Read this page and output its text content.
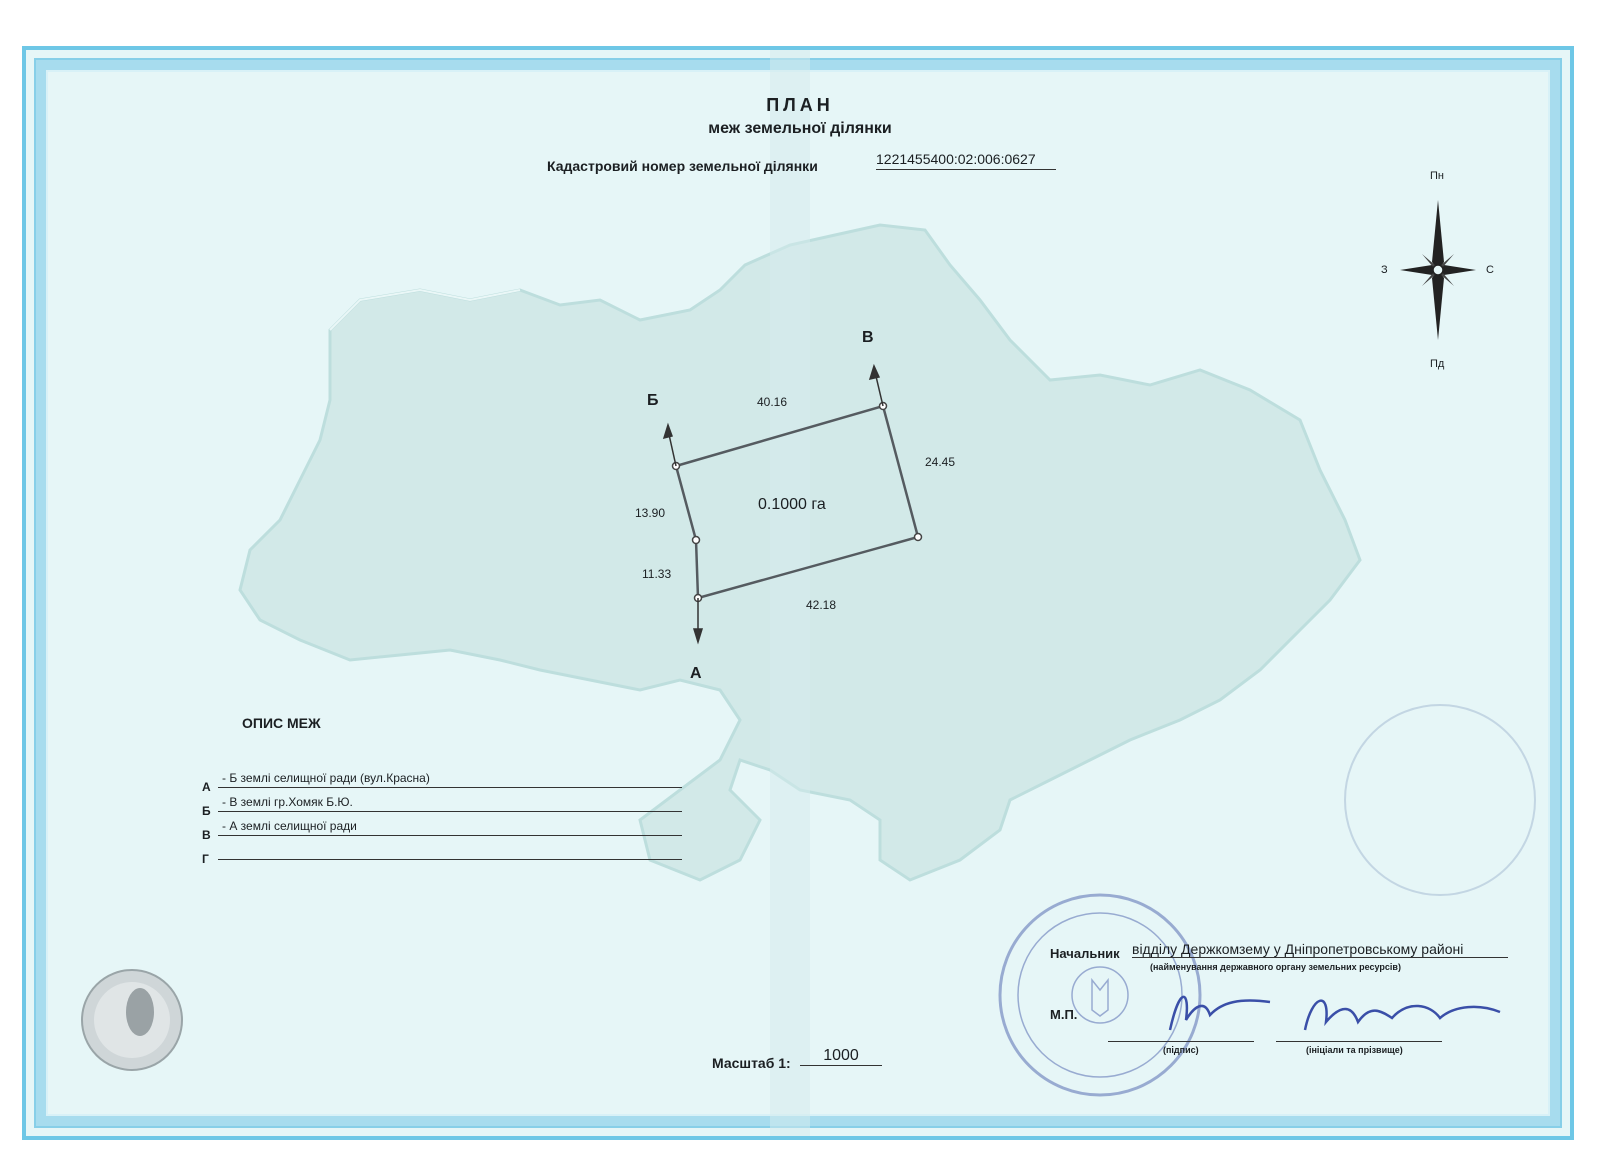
ПЛАН
меж земельної ділянки
Кадастровий номер земельної ділянки	1221455400:02:006:0627
Б
В
А
40.16
24.45
42.18
13.90
11.33
0.1000 га
Пн
Пд
З	С
ОПИС МЕЖ
А
- Б землі селищної ради (вул.Красна)
Б
- В землі гр.Хомяк Б.Ю.
В
- А землі селищної ради
Г
Масштаб 1:	1000
Начальник відділу Держкомзему у Дніпропетровському районі
(найменування державного органу земельних ресурсів)
М.П.
(підпис)	(ініціали та прізвище)
